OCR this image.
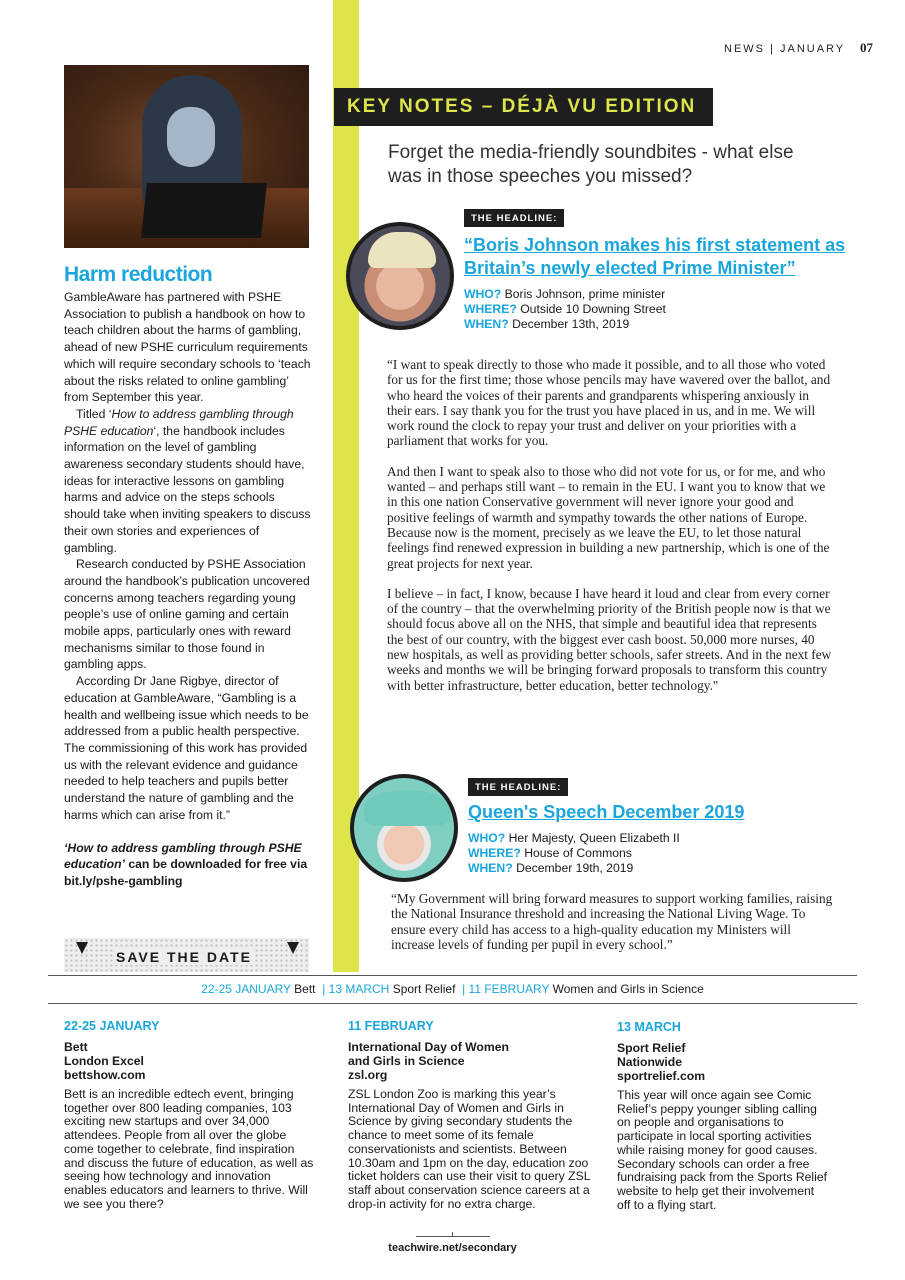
NEWS | JANUARY 07
Harm reduction

GambleAware has partnered with PSHE Association to publish a handbook on how to teach children about the harms of gambling, ahead of new PSHE curriculum requirements which will require secondary schools to ‘teach about the risks related to online gambling’ from September this year.

Titled ‘How to address gambling through PSHE education‘, the handbook includes information on the level of gambling awareness secondary students should have, ideas for interactive lessons on gambling harms and advice on the steps schools should take when inviting speakers to discuss their own stories and experiences of gambling.

Research conducted by PSHE Association around the handbook’s publication uncovered concerns among teachers regarding young people’s use of online gaming and certain mobile apps, particularly ones with reward mechanisms similar to those found in gambling apps.

According Dr Jane Rigbye, director of education at GambleAware, “Gambling is a health and wellbeing issue which needs to be addressed from a public health perspective. The commissioning of this work has provided us with the relevant evidence and guidance needed to help teachers and pupils better understand the nature of gambling and the harms which can arise from it.”

‘How to address gambling through PSHE education’ can be downloaded for free via bit.ly/pshe-gambling

SAVE THE DATE
KEY NOTES – DÉJÀ VU EDITION
Forget the media-friendly soundbites - what else was in those speeches you missed?
THE HEADLINE:
“Boris Johnson makes his first statement as Britain’s newly elected Prime Minister”
WHO? Boris Johnson, prime minister
WHERE? Outside 10 Downing Street
WHEN? December 13th, 2019

“I want to speak directly to those who made it possible, and to all those who voted for us for the first time; those whose pencils may have wavered over the ballot, and who heard the voices of their parents and grandparents whispering anxiously in their ears. I say thank you for the trust you have placed in us, and in me. We will work round the clock to repay your trust and deliver on your priorities with a parliament that works for you.

And then I want to speak also to those who did not vote for us, or for me, and who wanted – and perhaps still want – to remain in the EU. I want you to know that we in this one nation Conservative government will never ignore your good and positive feelings of warmth and sympathy towards the other nations of Europe. Because now is the moment, precisely as we leave the EU, to let those natural feelings find renewed expression in building a new partnership, which is one of the great projects for next year.

I believe – in fact, I know, because I have heard it loud and clear from every corner of the country – that the overwhelming priority of the British people now is that we should focus above all on the NHS, that simple and beautiful idea that represents the best of our country, with the biggest ever cash boost. 50,000 more nurses, 40 new hospitals, as well as providing better schools, safer streets. And in the next few weeks and months we will be bringing forward proposals to transform this country with better infrastructure, better education, better technology."

THE HEADLINE:
Queen's Speech December 2019
WHO? Her Majesty, Queen Elizabeth II
WHERE? House of Commons
WHEN? December 19th, 2019

“My Government will bring forward measures to support working families, raising the National Insurance threshold and increasing the National Living Wage. To ensure every child has access to a high-quality education my Ministers will increase levels of funding per pupil in every school.”

22-25 JANUARY Bett | 13 MARCH Sport Relief | 11 FEBRUARY Women and Girls in Science
22-25 JANUARY
Bett
London Excel
bettshow.com
Bett is an incredible edtech event, bringing together over 800 leading companies, 103 exciting new startups and over 34,000 attendees. People from all over the globe come together to celebrate, find inspiration and discuss the future of education, as well as seeing how technology and innovation enables educators and learners to thrive. Will we see you there?
11 FEBRUARY
International Day of Women and Girls in Science
zsl.org
ZSL London Zoo is marking this year’s International Day of Women and Girls in Science by giving secondary students the chance to meet some of its female conservationists and scientists. Between 10.30am and 1pm on the day, education zoo ticket holders can use their visit to query ZSL staff about conservation science careers at a drop-in activity for no extra charge.
13 MARCH
Sport Relief
Nationwide
sportrelief.com
This year will once again see Comic Relief’s peppy younger sibling calling on people and organisations to participate in local sporting activities while raising money for good causes. Secondary schools can order a free fundraising pack from the Sports Relief website to help get their involvement off to a flying start.
teachwire.net/secondary
